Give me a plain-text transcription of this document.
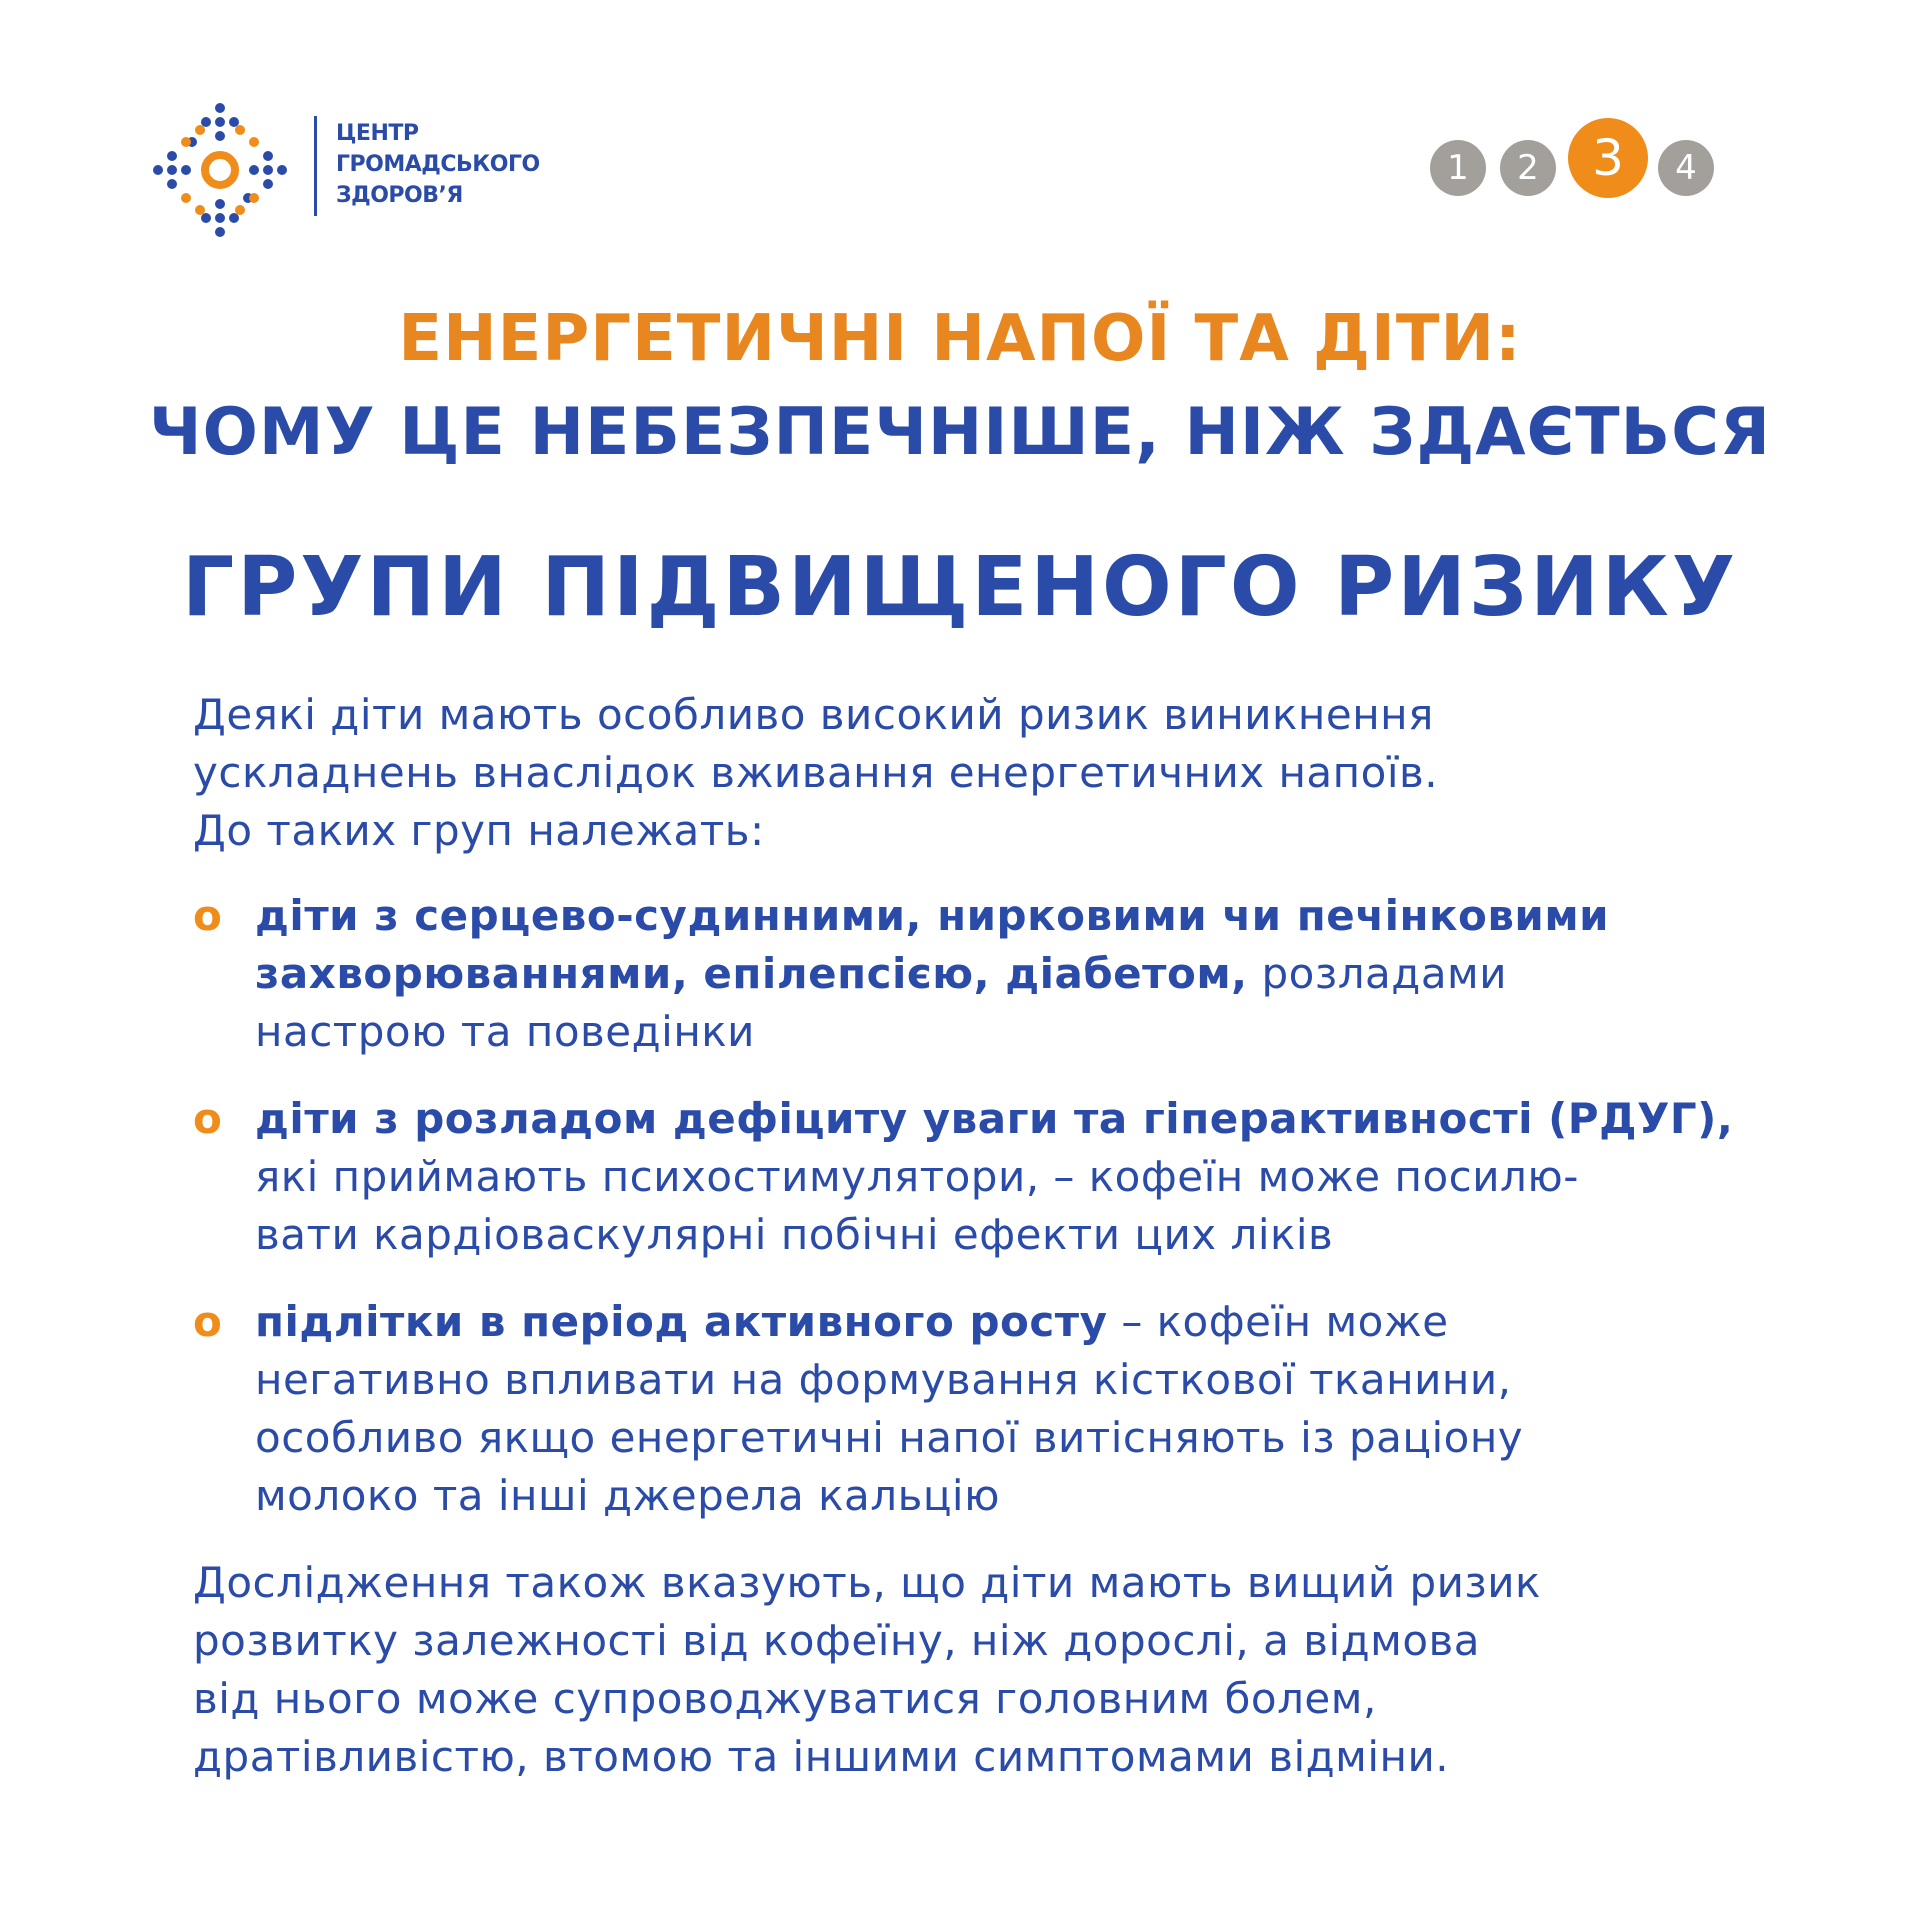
ЦЕНТР
ГРОМАДСЬКОГО
ЗДОРОВ’Я
1	2	3	4
ЕНЕРГЕТИЧНІ НАПОЇ ТА ДІТИ:
ЧОМУ ЦЕ НЕБЕЗПЕЧНІШЕ, НІЖ ЗДАЄТЬСЯ
ГРУПИ ПІДВИЩЕНОГО РИЗИКУ
Деякі діти мають особливо високий ризик виникнення
ускладнень внаслідок вживання енергетичних напоїв.
До таких груп належать:
o діти з серцево-судинними, нирковими чи печінковими
захворюваннями, епілепсією, діабетом, розладами
настрою та поведінки
o діти з розладом дефіциту уваги та гіперактивності (РДУГ),
які приймають психостимулятори, – кофеїн може посилю-
вати кардіоваскулярні побічні ефекти цих ліків
o підлітки в період активного росту – кофеїн може
негативно впливати на формування кісткової тканини,
особливо якщо енергетичні напої витісняють із раціону
молоко та інші джерела кальцію
Дослідження також вказують, що діти мають вищий ризик
розвитку залежності від кофеїну, ніж дорослі, а відмова
від нього може супроводжуватися головним болем,
дратівливістю, втомою та іншими симптомами відміни.
